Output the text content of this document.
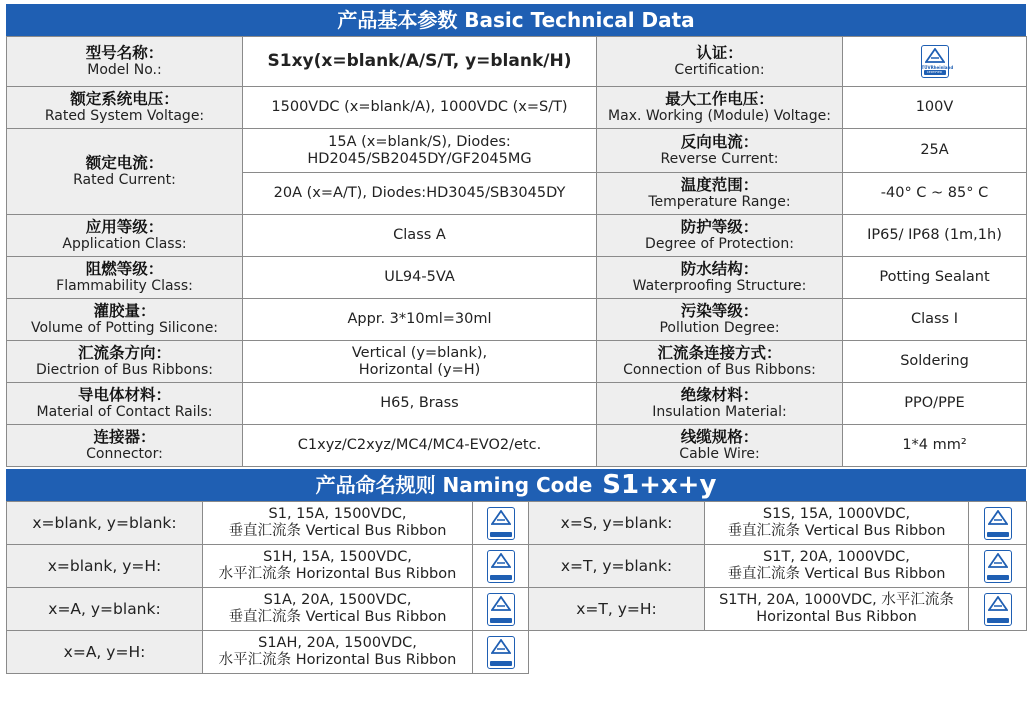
产品基本参数 Basic Technical Data
型号名称：
Model No.:	S1xy(x=blank/A/S/T, y=blank/H)	认证：
Certification:	TÜVRheinland
CERTIFIED

额定系统电压：
Rated System Voltage:	1500VDC (x=blank/A), 1000VDC (x=S/T)	最大工作电压：
Max. Working (Module) Voltage:	100V

额定电流：
Rated Current:	15A (x=blank/S), Diodes: HD2045/SB2045DY/GF2045MG	反向电流：
Reverse Current:	25A
	20A (x=A/T), Diodes:HD3045/SB3045DY	温度范围：
Temperature Range:	-40° C ~ 85° C

应用等级：
Application Class:	Class A	防护等级：
Degree of Protection:	IP65/ IP68 (1m,1h)

阻燃等级：
Flammability Class:	UL94-5VA	防水结构：
Waterproofing Structure:	Potting Sealant

灌胶量：
Volume of Potting Silicone:	Appr. 3*10ml=30ml	污染等级：
Pollution Degree:	Class I

汇流条方向：
Diectrion of Bus Ribbons:	Vertical (y=blank),
Horizontal (y=H)	汇流条连接方式：
Connection of Bus Ribbons:	Soldering

导电体材料：
Material of Contact Rails:	H65, Brass	绝缘材料：
Insulation Material:	PPO/PPE

连接器：
Connector:	C1xyz/C2xyz/MC4/MC4-EVO2/etc.	线缆规格：
Cable Wire:	1*4 mm²
产品命名规则 Naming Code S1+x+y
x=blank, y=blank:	S1, 15A, 1500VDC,
垂直汇流条 Vertical Bus Ribbon		x=S, y=blank:	S1S, 15A, 1000VDC,
垂直汇流条 Vertical Bus Ribbon

x=blank, y=H:	S1H, 15A, 1500VDC,
水平汇流条 Horizontal Bus Ribbon		x=T, y=blank:	S1T, 20A, 1000VDC,
垂直汇流条 Vertical Bus Ribbon

x=A, y=blank:	S1A, 20A, 1500VDC,
垂直汇流条 Vertical Bus Ribbon		x=T, y=H:	S1TH, 20A, 1000VDC, 水平汇流条
Horizontal Bus Ribbon

x=A, y=H:	S1AH, 20A, 1500VDC,
水平汇流条 Horizontal Bus Ribbon
